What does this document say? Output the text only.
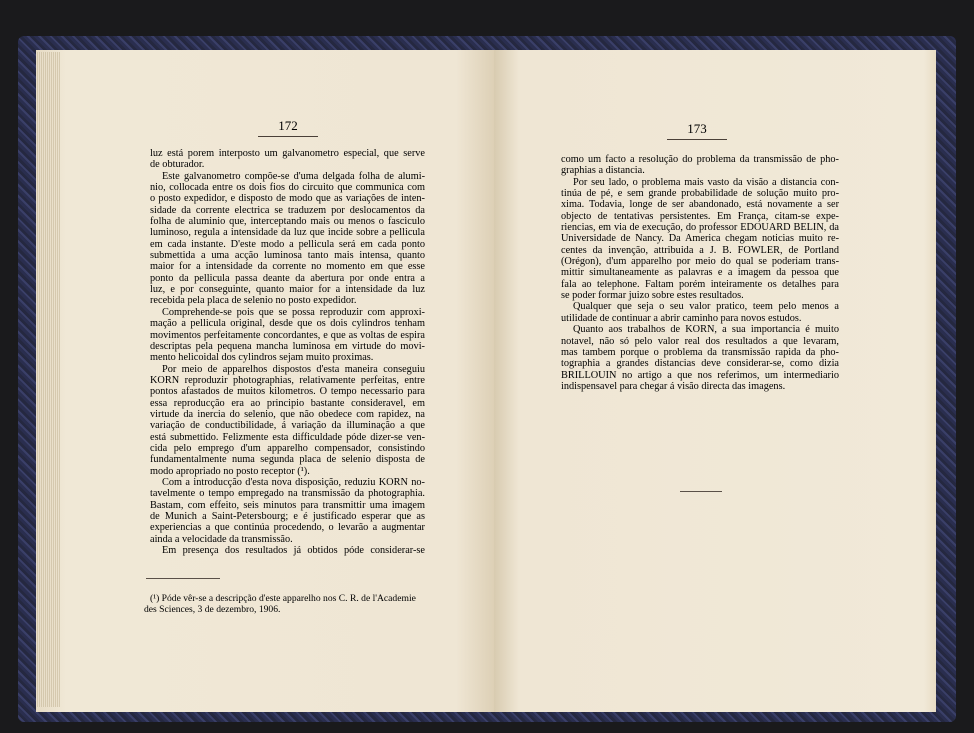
172	173

luz está porem interposto um galvanometro especial, que serve

de obturador.

Este galvanometro compõe-se d'uma delgada folha de alumi-

nio, collocada entre os dois fios do circuito que communica com

o posto expedidor, e disposto de modo que as variações de inten-

sidade da corrente electrica se traduzem por deslocamentos da

folha de aluminio que, interceptando mais ou menos o fasciculo

luminoso, regula a intensidade da luz que incide sobre a pellicula

em cada instante. D'este modo a pellicula será em cada ponto

submettida a uma acção luminosa tanto mais intensa, quanto

maior for a intensidade da corrente no momento em que esse

ponto da pellicula passa deante da abertura por onde entra a

luz, e por conseguinte, quanto maior for a intensidade da luz

recebida pela placa de selenio no posto expedidor.

Comprehende-se pois que se possa reproduzir com approxi-

mação a pellicula original, desde que os dois cylindros tenham

movimentos perfeitamente concordantes, e que as voltas de espira

descriptas pela pequena mancha luminosa em virtude do movi-

mento helicoidal dos cylindros sejam muito proximas.

Por meio de apparelhos dispostos d'esta maneira conseguiu

KORN reproduzir photographias, relativamente perfeitas, entre

pontos afastados de muitos kilometros. O tempo necessario para

essa reproducção era ao principio bastante consideravel, em

virtude da inercia do selenio, que não obedece com rapidez, na

variação de conductibilidade, á variação da illuminação a que

está submettido. Felizmente esta difficuldade póde dizer-se ven-

cida pelo emprego d'um apparelho compensador, consistindo

fundamentalmente numa segunda placa de selenio disposta de

modo apropriado no posto receptor (¹).

Com a introducção d'esta nova disposição, reduziu KORN no-

tavelmente o tempo empregado na transmissão da photographia.

Bastam, com effeito, seis minutos para transmittir uma imagem

de Munich a Saint-Petersbourg; e é justificado esperar que as

experiencias a que continúa procedendo, o levarão a augmentar

ainda a velocidade da transmissão.

Em presença dos resultados já obtidos póde considerar-se

(¹) Póde vêr-se a descripção d'este apparelho nos C. R. de l'Academie

des Sciences, 3 de dezembro, 1906.

como um facto a resolução do problema da transmissão de pho-

graphias a distancia.

Por seu lado, o problema mais vasto da visão a distancia con-

tinúa de pé, e sem grande probabilidade de solução muito pro-

xima. Todavia, longe de ser abandonado, está novamente a ser

objecto de tentativas persistentes. Em França, citam-se expe-

riencias, em via de execução, do professor EDOUARD BELIN, da

Universidade de Nancy. Da America chegam noticias muito re-

centes da invenção, attribuida a J. B. FOWLER, de Portland

(Orégon), d'um apparelho por meio do qual se poderiam trans-

mittir simultaneamente as palavras e a imagem da pessoa que

fala ao telephone. Faltam porém inteiramente os detalhes para

se poder formar juizo sobre estes resultados.

Qualquer que seja o seu valor pratico, teem pelo menos a

utilidade de continuar a abrir caminho para novos estudos.

Quanto aos trabalhos de KORN, a sua importancia é muito

notavel, não só pelo valor real dos resultados a que levaram,

mas tambem porque o problema da transmissão rapida da pho-

tographia a grandes distancias deve considerar-se, como dizia

BRILLOUIN no artigo a que nos referimos, um intermediario

indispensavel para chegar á visão directa das imagens.
